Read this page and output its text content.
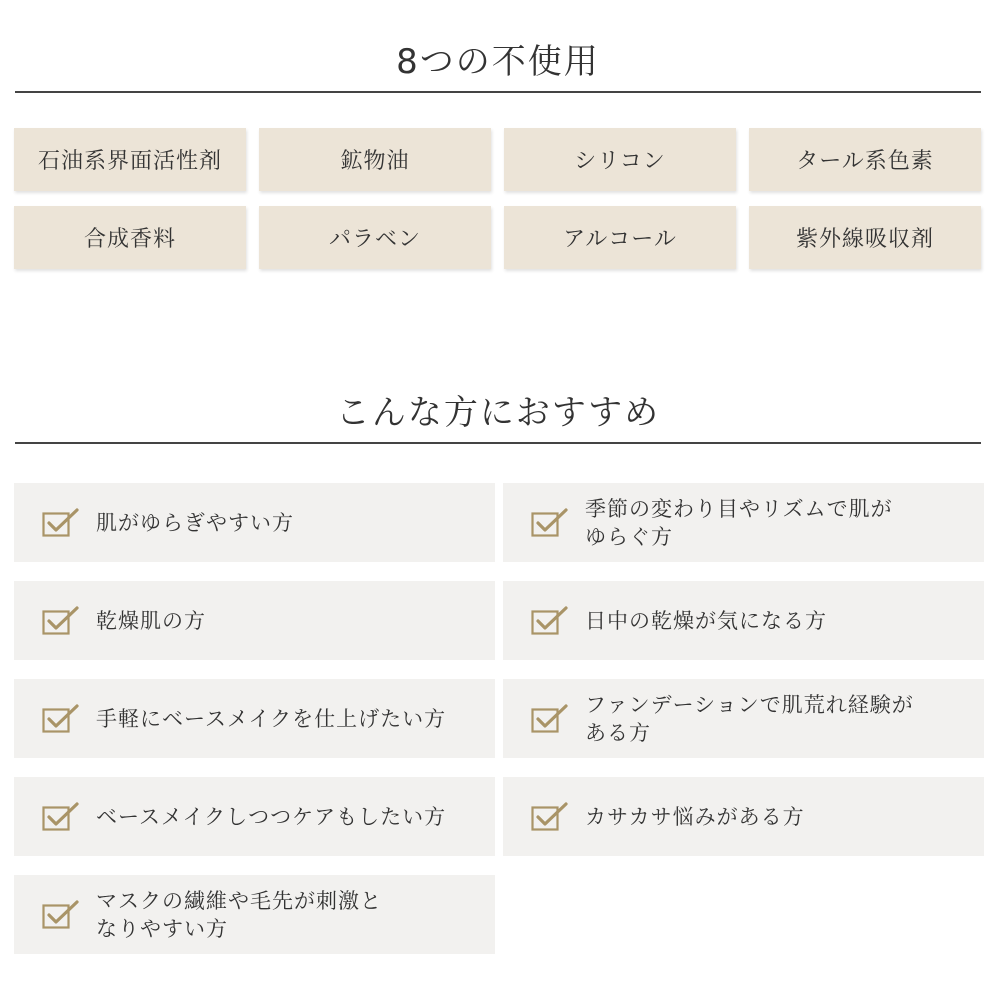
8つの不使用
石油系界面活性剤	鉱物油	シリコン	タール系色素
合成香料	パラベン	アルコール	紫外線吸収剤
こんな方におすすめ
肌がゆらぎやすい方
季節の変わり目やリズムで肌が
ゆらぐ方
乾燥肌の方	日中の乾燥が気になる方
手軽にベースメイクを仕上げたい方
ファンデーションで肌荒れ経験が
ある方
ベースメイクしつつケアもしたい方	カサカサ悩みがある方
マスクの繊維や毛先が刺激と
なりやすい方
